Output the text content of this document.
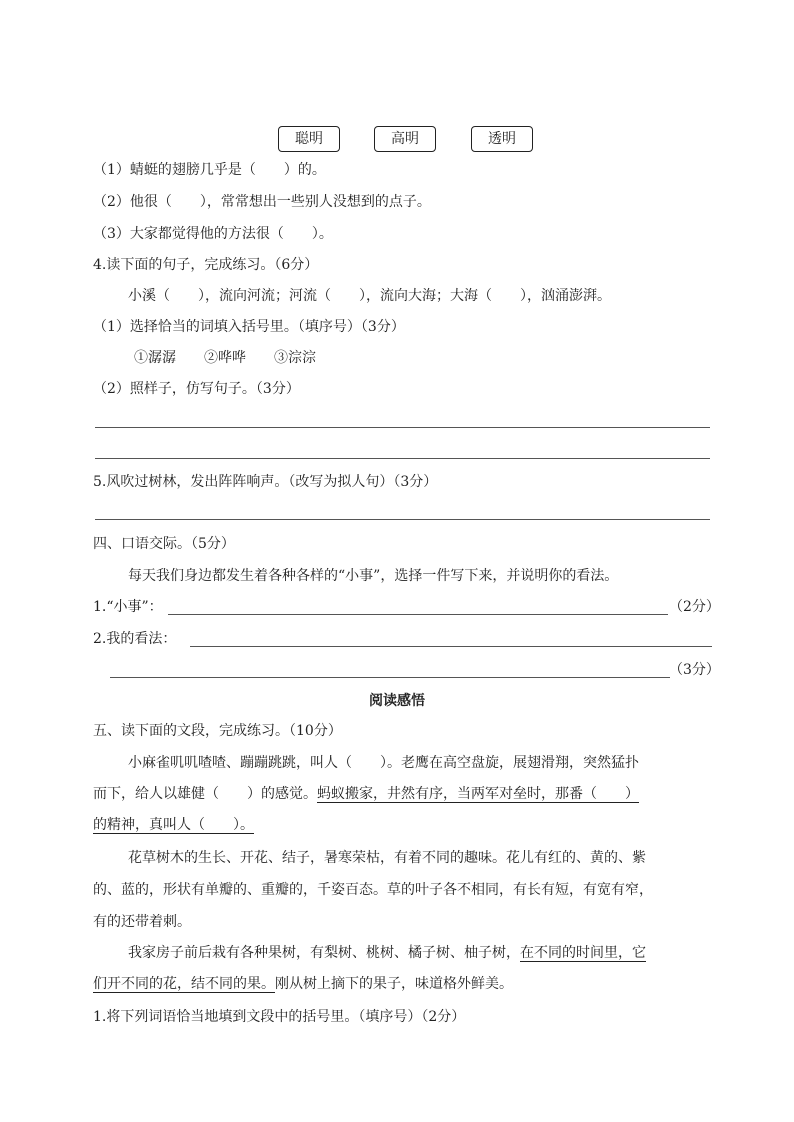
聪明	高明	透明
（1）蜻蜓的翅膀几乎是（　　）的。
（2）他很（　　），常常想出一些别人没想到的点子。
（3）大家都觉得他的方法很（　　）。
4.读下面的句子，完成练习。（6分）
小溪（　　），流向河流；河流（　　），流向大海；大海（　　），汹涌澎湃。
（1）选择恰当的词填入括号里。（填序号）（3分）
①潺潺　　②哗哗　　③淙淙
（2）照样子，仿写句子。（3分）
5.风吹过树林，发出阵阵响声。（改写为拟人句）（3分）
四、口语交际。（5分）
每天我们身边都发生着各种各样的“小事”，选择一件写下来，并说明你的看法。
1.“小事”：	（2分）
2.我的看法：
（3分）
阅读感悟
五、读下面的文段，完成练习。（10分）
小麻雀叽叽喳喳、蹦蹦跳跳，叫人（　　）。老鹰在高空盘旋，展翅滑翔，突然猛扑
而下，给人以雄健（　　）的感觉。蚂蚁搬家，井然有序，当两军对垒时，那番（　　）
的精神，真叫人（　　）。
花草树木的生长、开花、结子，暑寒荣枯，有着不同的趣味。花儿有红的、黄的、紫
的、蓝的，形状有单瓣的、重瓣的，千姿百态。草的叶子各不相同，有长有短，有宽有窄，
有的还带着刺。
我家房子前后栽有各种果树，有梨树、桃树、橘子树、柚子树，在不同的时间里，它
们开不同的花，结不同的果。刚从树上摘下的果子，味道格外鲜美。
1.将下列词语恰当地填到文段中的括号里。（填序号）（2分）
